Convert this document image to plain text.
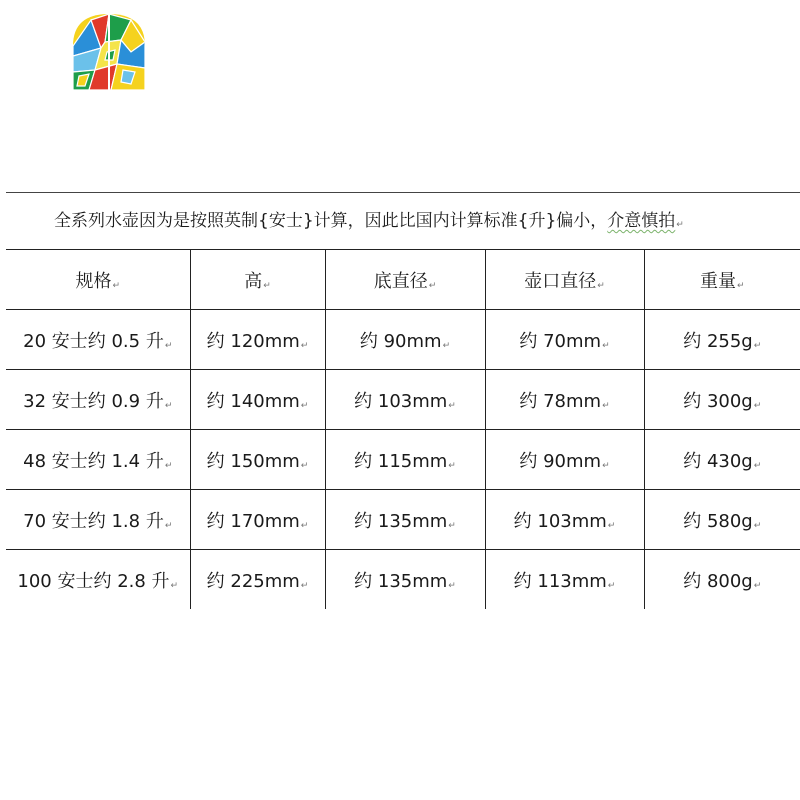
全系列水壶因为是按照英制{安士}计算，因此比国内计算标准{升}偏小，介意慎拍↵
规格↵	高↵	底直径↵	壶口直径↵	重量↵
20 安士约 0.5 升↵	约 120mm↵	约 90mm↵	约 70mm↵	约 255g↵
32 安士约 0.9 升↵	约 140mm↵	约 103mm↵	约 78mm↵	约 300g↵
48 安士约 1.4 升↵	约 150mm↵	约 115mm↵	约 90mm↵	约 430g↵
70 安士约 1.8 升↵	约 170mm↵	约 135mm↵	约 103mm↵	约 580g↵
100 安士约 2.8 升↵	约 225mm↵	约 135mm↵	约 113mm↵	约 800g↵
